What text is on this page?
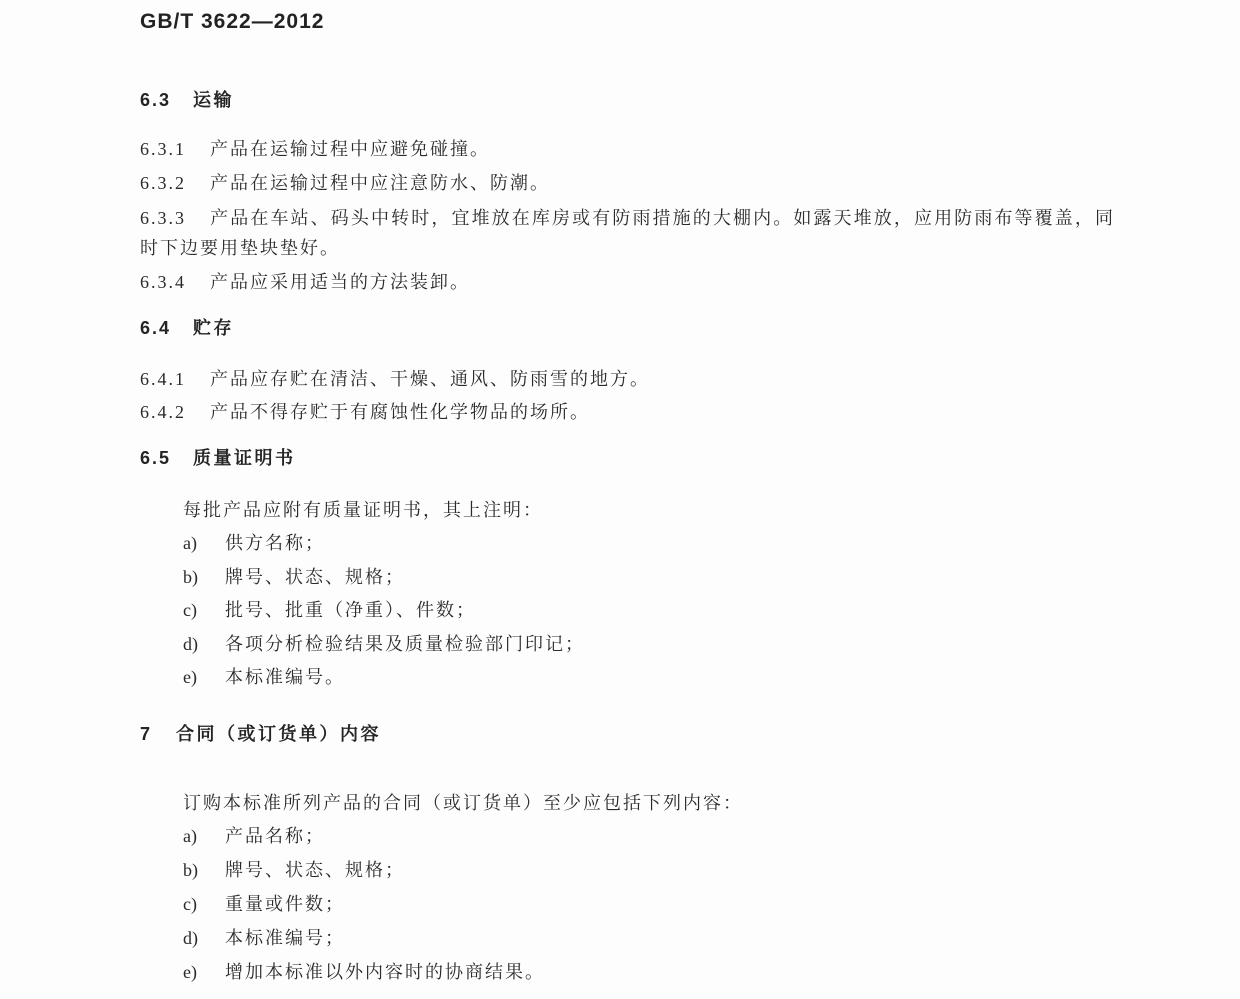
GB/T 3622—2012
6.3 运输
6.3.1 产品在运输过程中应避免碰撞。
6.3.2 产品在运输过程中应注意防水、防潮。
6.3.3 产品在车站、码头中转时，宜堆放在库房或有防雨措施的大棚内。如露天堆放，应用防雨布等覆盖，同时下边要用垫块垫好。
6.3.4 产品应采用适当的方法装卸。
6.4 贮存
6.4.1 产品应存贮在清洁、干燥、通风、防雨雪的地方。
6.4.2 产品不得存贮于有腐蚀性化学物品的场所。
6.5 质量证明书
每批产品应附有质量证明书，其上注明：
a) 供方名称；
b) 牌号、状态、规格；
c) 批号、批重（净重）、件数；
d) 各项分析检验结果及质量检验部门印记；
e) 本标准编号。
7 合同（或订货单）内容
订购本标准所列产品的合同（或订货单）至少应包括下列内容：
a) 产品名称；
b) 牌号、状态、规格；
c) 重量或件数；
d) 本标准编号；
e) 增加本标准以外内容时的协商结果。
